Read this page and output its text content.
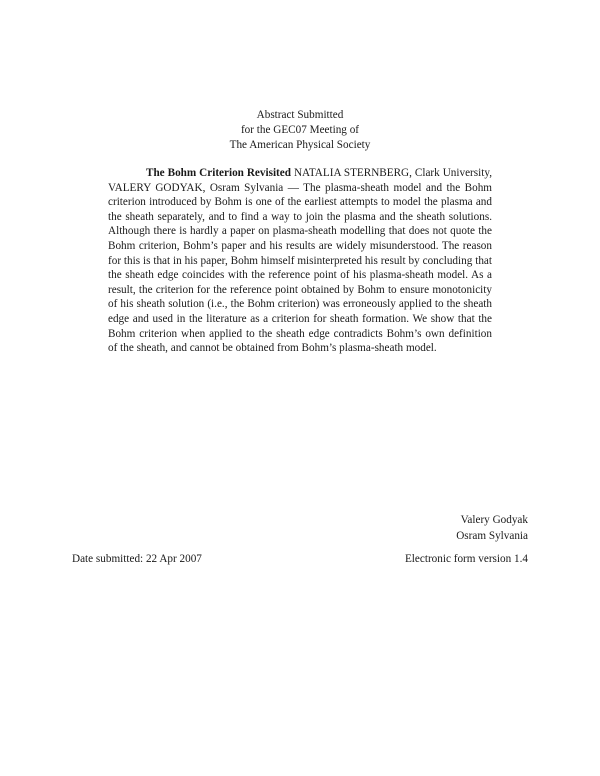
Abstract Submitted
for the GEC07 Meeting of
The American Physical Society
The Bohm Criterion Revisited NATALIA STERNBERG, Clark University, VALERY GODYAK, Osram Sylvania — The plasma-sheath model and the Bohm criterion introduced by Bohm is one of the earliest attempts to model the plasma and the sheath separately, and to find a way to join the plasma and the sheath solutions. Although there is hardly a paper on plasma-sheath modelling that does not quote the Bohm criterion, Bohm’s paper and his results are widely misunderstood. The reason for this is that in his paper, Bohm himself misinterpreted his result by concluding that the sheath edge coincides with the reference point of his plasma-sheath model. As a result, the criterion for the reference point obtained by Bohm to ensure monotonicity of his sheath solution (i.e., the Bohm criterion) was erroneously applied to the sheath edge and used in the literature as a criterion for sheath formation. We show that the Bohm criterion when applied to the sheath edge contradicts Bohm’s own definition of the sheath, and cannot be obtained from Bohm’s plasma-sheath model.
Valery Godyak
Osram Sylvania
Date submitted: 22 Apr 2007	Electronic form version 1.4
